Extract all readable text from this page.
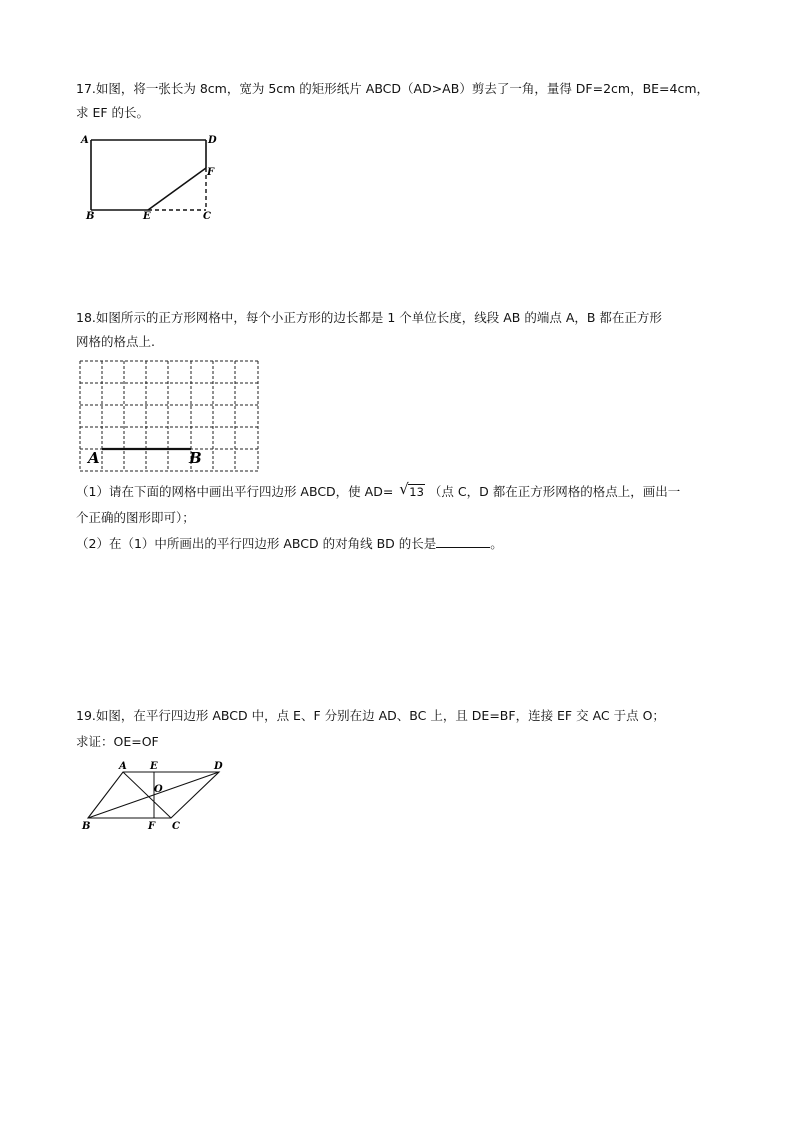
17.如图，将一张长为 8cm，宽为 5cm 的矩形纸片 ABCD（AD>AB）剪去了一角，量得 DF=2cm，BE=4cm，
求 EF 的长。
A	D
F
B	E	C
18.如图所示的正方形网格中，每个小正方形的边长都是 1 个单位长度，线段 AB 的端点 A，B 都在正方形
网格的格点上.
A	B
（1）请在下面的网格中画出平行四边形 ABCD，使 AD= √ 13 （点 C，D 都在正方形网格的格点上，画出一
个正确的图形即可）；
（2）在（1）中所画出的平行四边形 ABCD 的对角线 BD 的长是	。
19.如图，在平行四边形 ABCD 中，点 E、F 分别在边 AD、BC 上，且 DE=BF，连接 EF 交 AC 于点 O；
求证：OE=OF
A E	D
O
B	F C
